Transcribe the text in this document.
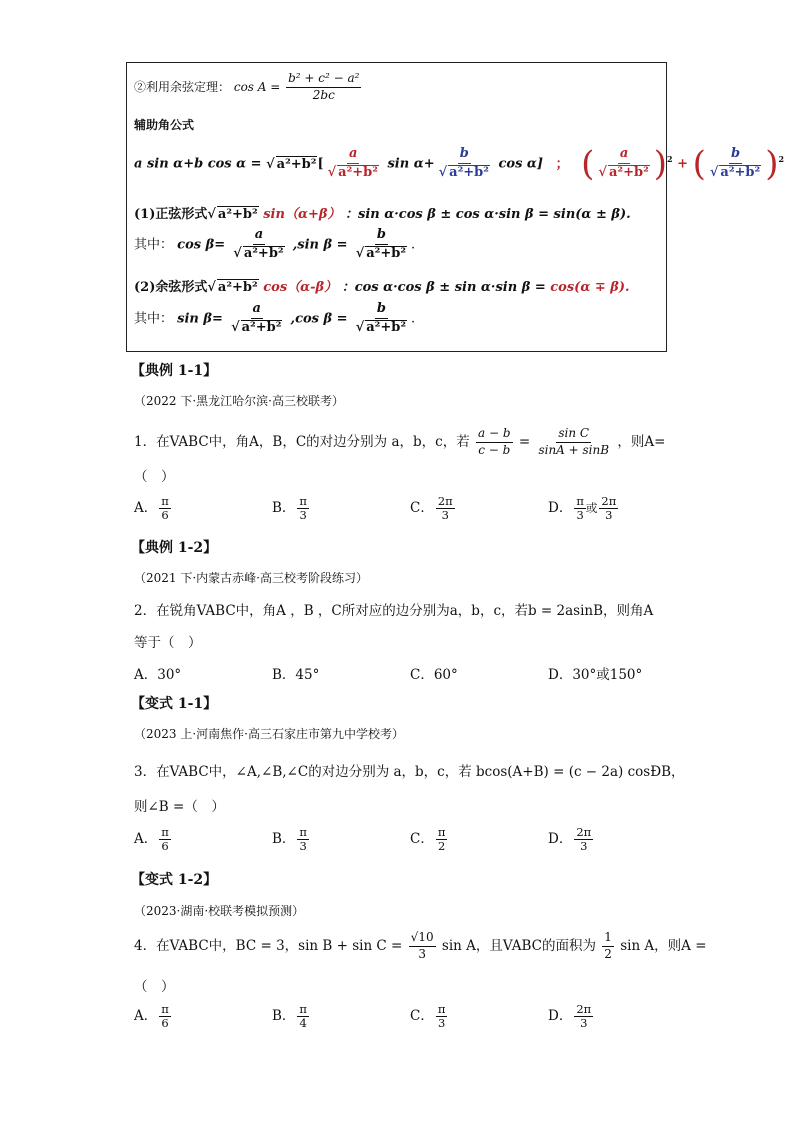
②利用余弦定理： $\cos A = \frac{\text{b² + c² − a²}}{2bc}$
辅助角公式
a sin α+b cos α = √ a²+b²[ a
√ a²+b² sin α+ b
√ a²+b² cos α] ； ( a
√ a²+b² )$^2$ + ( b
√ a²+b² )$^2$
(1)正弦形式 √ a²+b² sin（α+β） ：sin α·cos β ± cos α·sin β = sin(α ± β).
其中： cos β= a
√ a²+b² ,sin β = b
√ a²+b² .
(2)余弦形式 √ a²+b² cos（α-β） ：cos α·cos β ± sin α·sin β = cos(α ∓ β).
其中： sin β= a
√ a²+b² ,cos β = b
√ a²+b² .
【典例 1-1】
（2022 下·黑龙江哈尔滨·高三校联考）
1．在VABC中，角A，B，C的对边分别为 a，b，c，若 $\frac{a - b}{c - b} = \frac{\text{sin C}}{\sin A + \sin B}$ ，则A=
（　）
A． $\frac{\pi}{6}$	B． $\frac{\pi}{3}$	C． $\frac{2\pi}{3}$	D． $\frac{\pi}{3}$ 或 $\frac{2\pi}{3}$
【典例 1-2】
（2021 下·内蒙古赤峰·高三校考阶段练习）
2．在锐角VABC中，角A ，B ，C所对应的边分别为a，b，c，若b = 2asinB，则角A
等于（　）
A．30°	B．45°	C．60°	D．30°或150°
【变式 1-1】
（2023 上·河南焦作·高三石家庄市第九中学校考）
3．在VABC中，∠A,∠B,∠C的对边分别为 a，b，c，若 bcos(A+B) = (c − 2a) cosÐB，
则∠B =（　）
A． $\frac{\pi}{6}$	B． $\frac{\pi}{3}$	C． $\frac{\pi}{2}$	D． $\frac{2\pi}{3}$
【变式 1-2】
（2023·湖南·校联考模拟预测）
4．在VABC中，BC = 3，$\sin B + \sin C = \frac{√10}{3}$ sin A，且VABC的面积为 $\frac{1}{2}$ sin A，则A =
（　）
A． $\frac{\pi}{6}$	B． $\frac{\pi}{4}$	C． $\frac{\pi}{3}$	D． $\frac{2\pi}{3}$
